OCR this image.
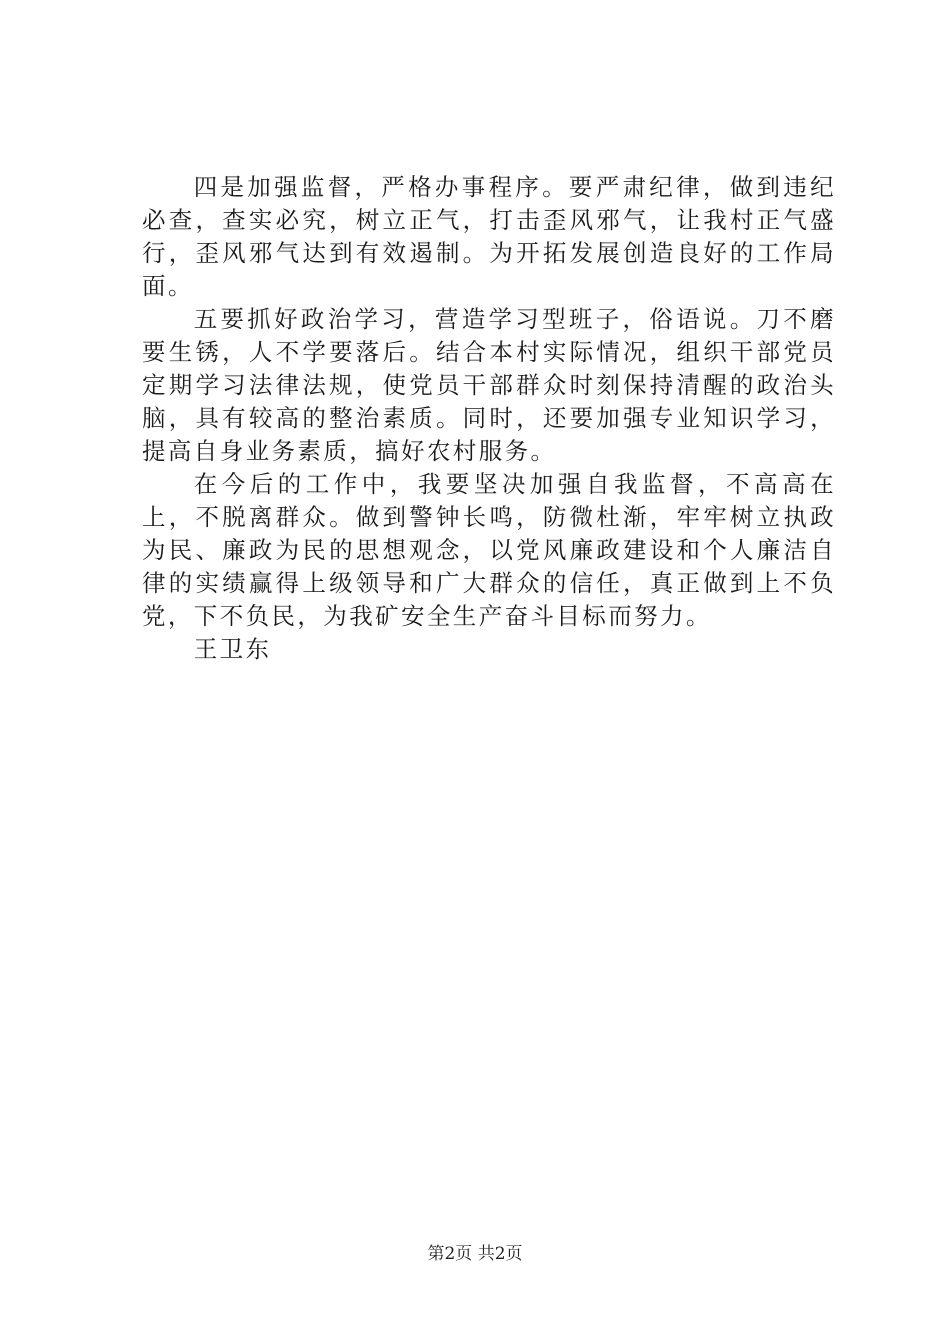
四是加强监督，严格办事程序。要严肃纪律，做到违纪必查，查实必究，树立正气，打击歪风邪气，让我村正气盛行，歪风邪气达到有效遏制。为开拓发展创造良好的工作局面。

五要抓好政治学习，营造学习型班子，俗语说。刀不磨要生锈，人不学要落后。结合本村实际情况，组织干部党员定期学习法律法规，使党员干部群众时刻保持清醒的政治头脑，具有较高的整治素质。同时，还要加强专业知识学习，提高自身业务素质，搞好农村服务。

在今后的工作中，我要坚决加强自我监督，不高高在上，不脱离群众。做到警钟长鸣，防微杜渐，牢牢树立执政为民、廉政为民的思想观念，以党风廉政建设和个人廉洁自律的实绩赢得上级领导和广大群众的信任，真正做到上不负党，下不负民，为我矿安全生产奋斗目标而努力。

王卫东

第2页 共2页
